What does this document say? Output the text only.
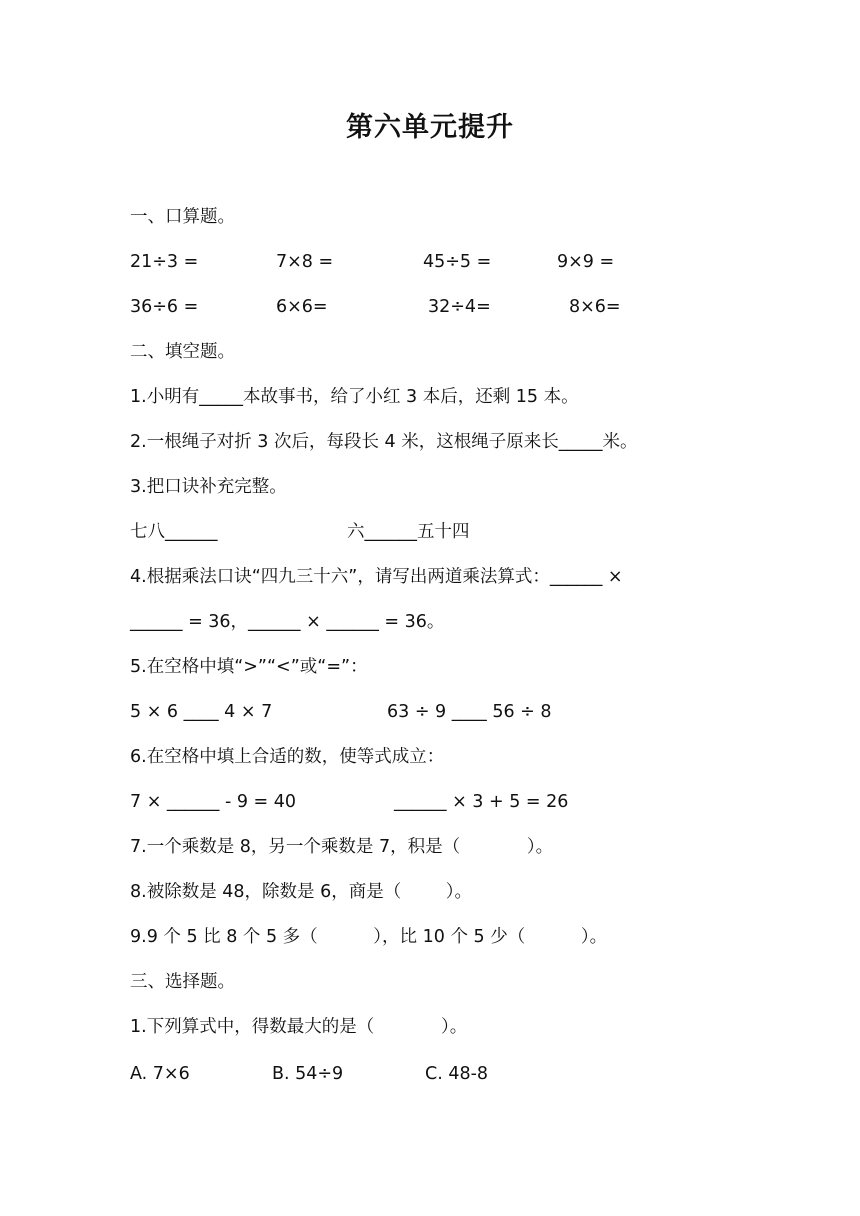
第六单元提升
一、口算题。
21÷3 =	7×8 =	45÷5 =	9×9 =
36÷6 =	6×6=	32÷4=	8×6=
二、填空题。
1.小明有_____本故事书，给了小红 3 本后，还剩 15 本。
2.一根绳子对折 3 次后，每段长 4 米，这根绳子原来长_____米。
3.把口诀补充完整。
七八______	六______五十四
4.根据乘法口诀“四九三十六”，请写出两道乘法算式：______ ×
______ = 36，______ × ______ = 36。
5.在空格中填“>”“<”或“=”：
5 × 6 ____ 4 × 7	63 ÷ 9 ____ 56 ÷ 8
6.在空格中填上合适的数，使等式成立：
7 × ______ - 9 = 40	______ × 3 + 5 = 26
7.一个乘数是 8，另一个乘数是 7，积是（            ）。
8.被除数是 48，除数是 6，商是（        ）。
9.9 个 5 比 8 个 5 多（          ），比 10 个 5 少（          ）。
三、选择题。
1.下列算式中，得数最大的是（            ）。
A. 7×6	B. 54÷9	C. 48-8
